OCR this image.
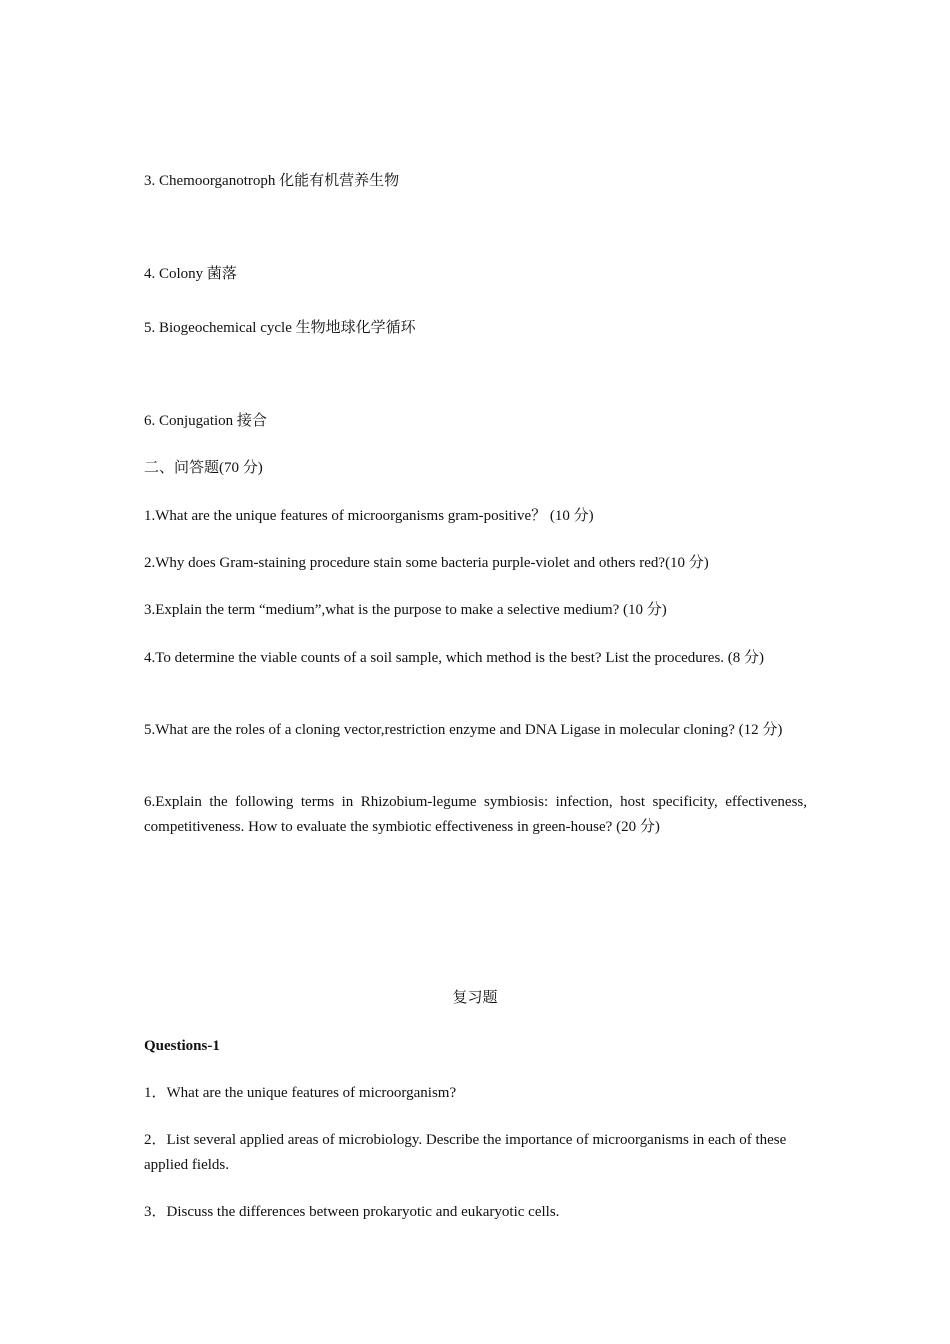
3. Chemoorganotroph 化能有机营养生物

4. Colony 菌落

5. Biogeochemical cycle 生物地球化学循环

6. Conjugation 接合

二、问答题(70 分)

1.What are the unique features of microorganisms gram-positive？ (10 分)

2.Why does Gram-staining procedure stain some bacteria purple-violet and others red?(10 分)

3.Explain the term “medium”,what is the purpose to make a selective medium? (10 分)

4.To determine the viable counts of a soil sample, which method is the best? List the procedures. (8 分)

5.What are the roles of a cloning vector,restriction enzyme and DNA Ligase in molecular cloning? (12 分)

6.Explain the following terms in Rhizobium-legume symbiosis: infection, host specificity, effectiveness, competitiveness. How to evaluate the symbiotic effectiveness in green-house? (20 分)

复习题

Questions-1

1．What are the unique features of microorganism?

2．List several applied areas of microbiology. Describe the importance of microorganisms in each of these applied fields.

3．Discuss the differences between prokaryotic and eukaryotic cells.
